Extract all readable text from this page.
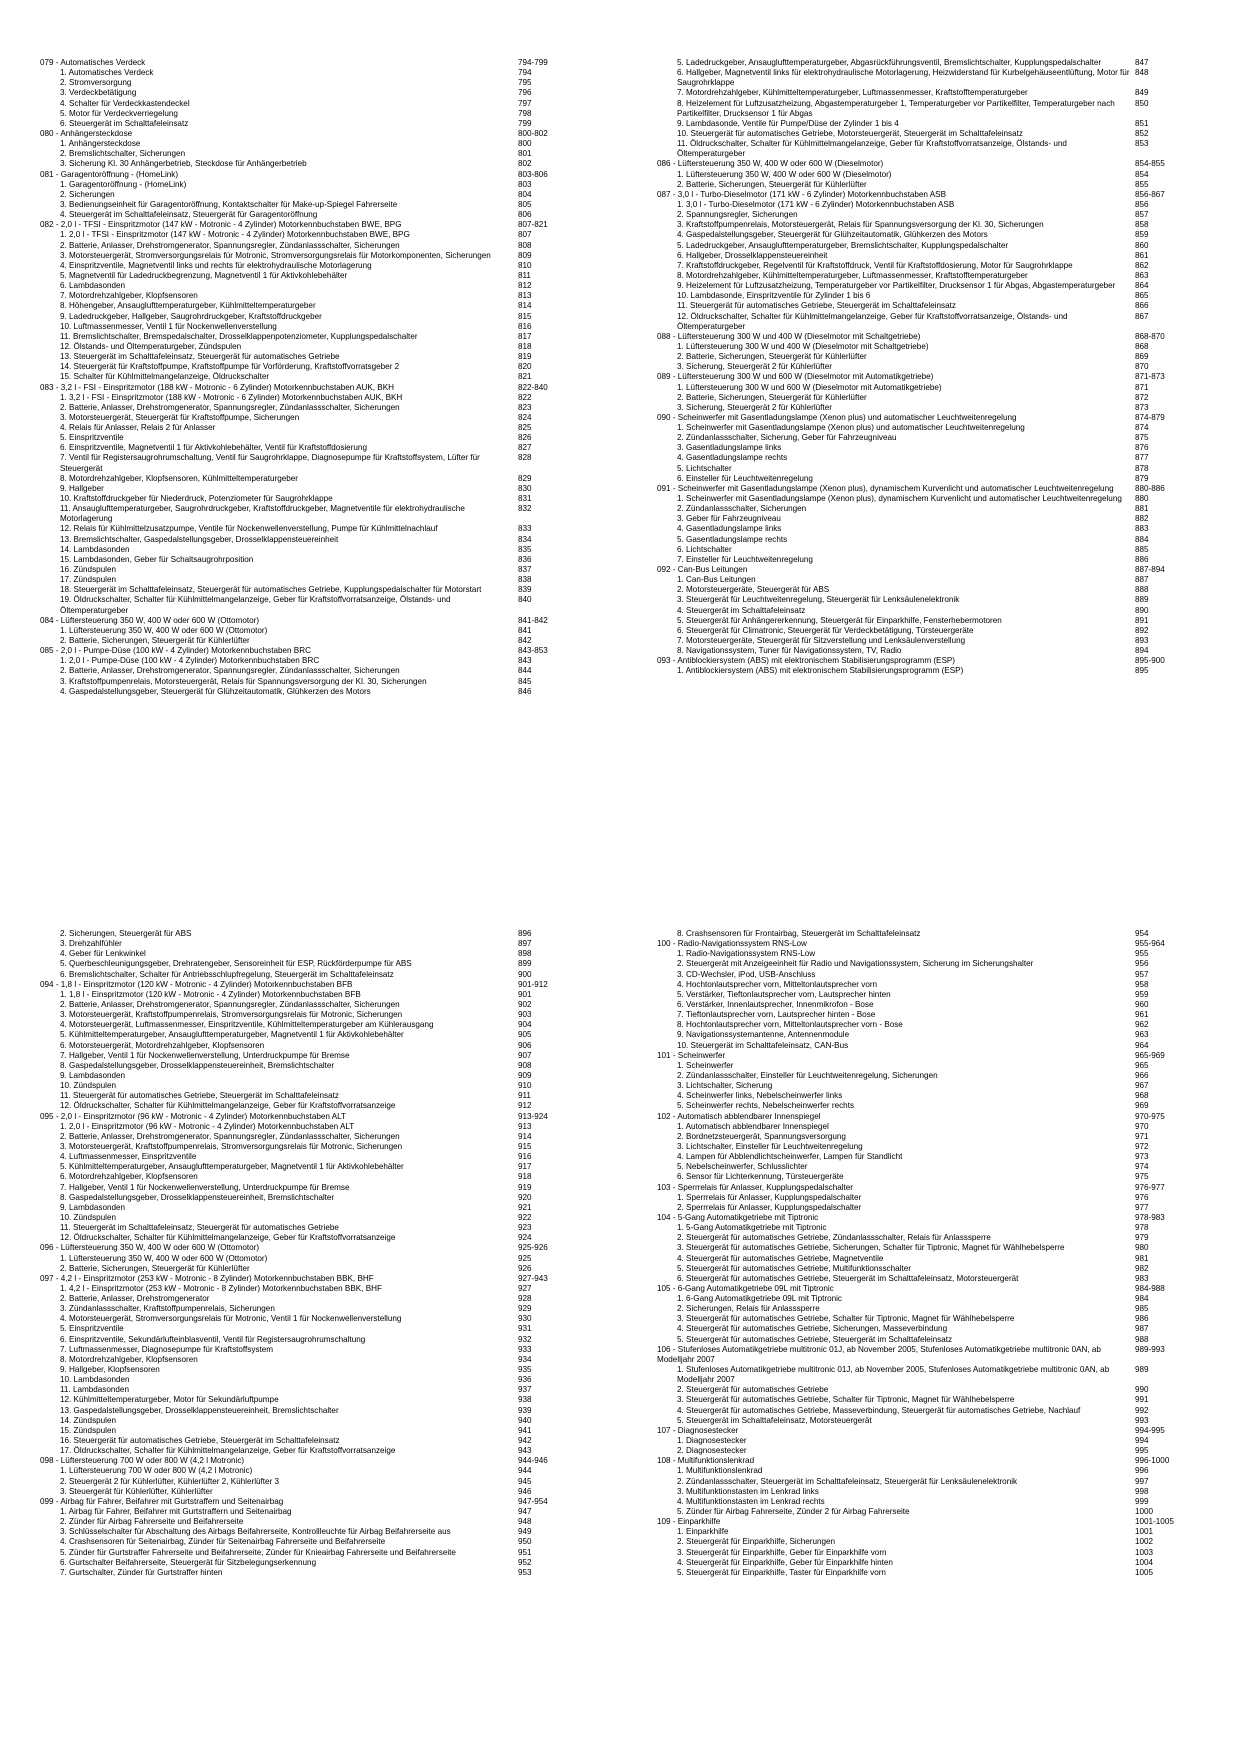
079 - Automatisches Verdeck	794-799
1. Automatisches Verdeck	794
2. Stromversorgung	795
3. Verdeckbetätigung	796
4. Schalter für Verdeckkastendeckel	797
5. Motor für Verdeckverriegelung	798
6. Steuergerät im Schalttafeleinsatz	799
080 - Anhängersteckdose	800-802
1. Anhängersteckdose	800
2. Bremslichtschalter, Sicherungen	801
3. Sicherung Kl. 30 Anhängerbetrieb, Steckdose für Anhängerbetrieb	802
081 - Garagentoröffnung - (HomeLink)	803-806
1. Garagentoröffnung - (HomeLink)	803
2. Sicherungen	804
3. Bedienungseinheit für Garagentoröffnung, Kontaktschalter für Make-up-Spiegel Fahrerseite	805
4. Steuergerät im Schalttafeleinsatz, Steuergerät für Garagentoröffnung	806
082 - 2,0 l - TFSI - Einspritzmotor (147 kW - Motronic - 4 Zylinder) Motorkennbuchstaben BWE, BPG	807-821
1. 2,0 l - TFSI - Einspritzmotor (147 kW - Motronic - 4 Zylinder) Motorkennbuchstaben BWE, BPG	807
2. Batterie, Anlasser, Drehstromgenerator, Spannungsregler, Zündanlassschalter, Sicherungen	808
3. Motorsteuergerät, Stromversorgungsrelais für Motronic, Stromversorgungsrelais für Motorkomponenten, Sicherungen	809
4. Einspritzventile, Magnetventil links und rechts für elektrohydraulische Motorlagerung	810
5. Magnetventil für Ladedruckbegrenzung, Magnetventil 1 für Aktivkohlebehälter	811
6. Lambdasonden	812
7. Motordrehzahlgeber, Klopfsensoren	813
8. Höhengeber, Ansauglufttemperaturgeber, Kühlmitteltemperaturgeber	814
9. Ladedruckgeber, Hallgeber, Saugrohrdruckgeber, Kraftstoffdruckgeber	815
10. Luftmassenmesser, Ventil 1 für Nockenwellenverstellung	816
11. Bremslichtschalter, Bremspedalschalter, Drosselklappenpotenziometer, Kupplungspedalschalter	817
12. Ölstands- und Öltemperaturgeber, Zündspulen	818
13. Steuergerät im Schalttafeleinsatz, Steuergerät für automatisches Getriebe	819
14. Steuergerät für Kraftstoffpumpe, Kraftstoffpumpe für Vorförderung, Kraftstoffvorratsgeber 2	820
15. Schalter für Kühlmittelmangelanzeige, Öldruckschalter	821
083 - 3,2 l - FSI - Einspritzmotor (188 kW - Motronic - 6 Zylinder) Motorkennbuchstaben AUK, BKH	822-840
1. 3,2 l - FSI - Einspritzmotor (188 kW - Motronic - 6 Zylinder) Motorkennbuchstaben AUK, BKH	822
2. Batterie, Anlasser, Drehstromgenerator, Spannungsregler, Zündanlassschalter, Sicherungen	823
3. Motorsteuergerät, Steuergerät für Kraftstoffpumpe, Sicherungen	824
4. Relais für Anlasser, Relais 2 für Anlasser	825
5. Einspritzventile	826
6. Einspritzventile, Magnetventil 1 für Aktivkohlebehälter, Ventil für Kraftstoffdosierung	827
7. Ventil für Registersaugrohrumschaltung, Ventil für Saugrohrklappe, Diagnosepumpe für Kraftstoffsystem, Lüfter für Steuergerät
828
8. Motordrehzahlgeber, Klopfsensoren, Kühlmitteltemperaturgeber	829
9. Hallgeber	830
10. Kraftstoffdruckgeber für Niederdruck, Potenziometer für Saugrohrklappe	831
11. Ansauglufttemperaturgeber, Saugrohrdruckgeber, Kraftstoffdruckgeber, Magnetventile für elektrohydraulische Motorlagerung
832
12. Relais für Kühlmittelzusatzpumpe, Ventile für Nockenwellenverstellung, Pumpe für Kühlmittelnachlauf	833
13. Bremslichtschalter, Gaspedalstellungsgeber, Drosselklappensteuereinheit	834
14. Lambdasonden	835
15. Lambdasonden, Geber für Schaltsaugrohrposition	836
16. Zündspulen	837
17. Zündspulen	838
18. Steuergerät im Schalttafeleinsatz, Steuergerät für automatisches Getriebe, Kupplungspedalschalter für Motorstart	839
19. Öldruckschalter, Schalter für Kühlmittelmangelanzeige, Geber für Kraftstoffvorratsanzeige, Ölstands- und Öltemperaturgeber
840
084 - Lüftersteuerung 350 W, 400 W oder 600 W (Ottomotor)	841-842
1. Lüftersteuerung 350 W, 400 W oder 600 W (Ottomotor)	841
2. Batterie, Sicherungen, Steuergerät für Kühlerlüfter	842
085 - 2,0 l - Pumpe-Düse (100 kW - 4 Zylinder) Motorkennbuchstaben BRC	843-853
1. 2,0 l - Pumpe-Düse (100 kW - 4 Zylinder) Motorkennbuchstaben BRC	843
2. Batterie, Anlasser, Drehstromgenerator, Spannungsregler, Zündanlassschalter, Sicherungen	844
3. Kraftstoffpumpenrelais, Motorsteuergerät, Relais für Spannungsversorgung der Kl. 30, Sicherungen	845
4. Gaspedalstellungsgeber, Steuergerät für Glühzeitautomatik, Glühkerzen des Motors	846
5. Ladedruckgeber, Ansauglufttemperaturgeber, Abgasrückführungsventil, Bremslichtschalter, Kupplungspedalschalter	847
6. Hallgeber, Magnetventil links für elektrohydraulische Motorlagerung, Heizwiderstand für Kurbelgehäuseentlüftung, Motor für Saugrohrklappe
848
7. Motordrehzahlgeber, Kühlmitteltemperaturgeber, Luftmassenmesser, Kraftstofftemperaturgeber	849
8. Heizelement für Luftzusatzheizung, Abgastemperaturgeber 1, Temperaturgeber vor Partikelfilter, Temperaturgeber nach Partikelfilter, Drucksensor 1 für Abgas
850
9. Lambdasonde, Ventile für Pumpe/Düse der Zylinder 1 bis 4	851
10. Steuergerät für automatisches Getriebe, Motorsteuergerät, Steuergerät im Schalttafeleinsatz	852
11. Öldruckschalter, Schalter für Kühlmittelmangelanzeige, Geber für Kraftstoffvorratsanzeige, Ölstands- und Öltemperaturgeber
853
086 - Lüftersteuerung 350 W, 400 W oder 600 W (Dieselmotor)	854-855
1. Lüftersteuerung 350 W, 400 W oder 600 W (Dieselmotor)	854
2. Batterie, Sicherungen, Steuergerät für Kühlerlüfter	855
087 - 3,0 l - Turbo-Dieselmotor (171 kW - 6 Zylinder) Motorkennbuchstaben ASB	856-867
1. 3,0 l - Turbo-Dieselmotor (171 kW - 6 Zylinder) Motorkennbuchstaben ASB	856
2. Spannungsregler, Sicherungen	857
3. Kraftstoffpumpenrelais, Motorsteuergerät, Relais für Spannungsversorgung der Kl. 30, Sicherungen	858
4. Gaspedalstellungsgeber, Steuergerät für Glühzeitautomatik, Glühkerzen des Motors	859
5. Ladedruckgeber, Ansauglufttemperaturgeber, Bremslichtschalter, Kupplungspedalschalter	860
6. Hallgeber, Drosselklappensteuereinheit	861
7. Kraftstoffdruckgeber, Regelventil für Kraftstoffdruck, Ventil für Kraftstoffdosierung, Motor für Saugrohrklappe	862
8. Motordrehzahlgeber, Kühlmitteltemperaturgeber, Luftmassenmesser, Kraftstofftemperaturgeber	863
9. Heizelement für Luftzusatzheizung, Temperaturgeber vor Partikelfilter, Drucksensor 1 für Abgas, Abgastemperaturgeber	864
10. Lambdasonde, Einspritzventile für Zylinder 1 bis 6	865
11. Steuergerät für automatisches Getriebe, Steuergerät im Schalttafeleinsatz	866
12. Öldruckschalter, Schalter für Kühlmittelmangelanzeige, Geber für Kraftstoffvorratsanzeige, Ölstands- und Öltemperaturgeber
867
088 - Lüftersteuerung 300 W und 400 W (Dieselmotor mit Schaltgetriebe)	868-870
1. Lüftersteuerung 300 W und 400 W (Dieselmotor mit Schaltgetriebe)	868
2. Batterie, Sicherungen, Steuergerät für Kühlerlüfter	869
3. Sicherung, Steuergerät 2 für Kühlerlüfter	870
089 - Lüftersteuerung 300 W und 600 W (Dieselmotor mit Automatikgetriebe)	871-873
1. Lüftersteuerung 300 W und 600 W (Dieselmotor mit Automatikgetriebe)	871
2. Batterie, Sicherungen, Steuergerät für Kühlerlüfter	872
3. Sicherung, Steuergerät 2 für Kühlerlüfter	873
090 - Scheinwerfer mit Gasentladungslampe (Xenon plus) und automatischer Leuchtweitenregelung	874-879
1. Scheinwerfer mit Gasentladungslampe (Xenon plus) und automatischer Leuchtweitenregelung	874
2. Zündanlassschalter, Sicherung, Geber für Fahrzeugniveau	875
3. Gasentladungslampe links	876
4. Gasentladungslampe rechts	877
5. Lichtschalter	878
6. Einsteller für Leuchtweitenregelung	879
091 - Scheinwerfer mit Gasentladungslampe (Xenon plus), dynamischem Kurvenlicht und automatischer Leuchtweitenregelung	880-886
1. Scheinwerfer mit Gasentladungslampe (Xenon plus), dynamischem Kurvenlicht und automatischer Leuchtweitenregelung	880
2. Zündanlassschalter, Sicherungen	881
3. Geber für Fahrzeugniveau	882
4. Gasentladungslampe links	883
5. Gasentladungslampe rechts	884
6. Lichtschalter	885
7. Einsteller für Leuchtweitenregelung	886
092 - Can-Bus Leitungen	887-894
1. Can-Bus Leitungen	887
2. Motorsteuergeräte, Steuergerät für ABS	888
3. Steuergerät für Leuchtweitenregelung, Steuergerät für Lenksäulenelektronik	889
4. Steuergerät im Schalttafeleinsatz	890
5. Steuergerät für Anhängererkennung, Steuergerät für Einparkhilfe, Fensterhebermotoren	891
6. Steuergerät für Climatronic, Steuergerät für Verdeckbetätigung, Türsteuergeräte	892
7. Motorsteuergeräte, Steuergerät für Sitzverstellung und Lenksäulenverstellung	893
8. Navigationssystem, Tuner für Navigationssystem, TV, Radio	894
093 - Antiblockiersystem (ABS) mit elektronischem Stabilisierungsprogramm (ESP)	895-900
1. Antiblockiersystem (ABS) mit elektronischem Stabilisierungsprogramm (ESP)	895
2. Sicherungen, Steuergerät für ABS	896
3. Drehzahlfühler	897
4. Geber für Lenkwinkel	898
5. Querbeschleunigungsgeber, Drehratengeber, Sensoreinheit für ESP, Rückförderpumpe für ABS	899
6. Bremslichtschalter, Schalter für Antriebsschlupfregelung, Steuergerät im Schalttafeleinsatz	900
094 - 1,8 l - Einspritzmotor (120 kW - Motronic - 4 Zylinder) Motorkennbuchstaben BFB	901-912
1. 1,8 l - Einspritzmotor (120 kW - Motronic - 4 Zylinder) Motorkennbuchstaben BFB	901
2. Batterie, Anlasser, Drehstromgenerator, Spannungsregler, Zündanlassschalter, Sicherungen	902
3. Motorsteuergerät, Kraftstoffpumpenrelais, Stromversorgungsrelais für Motronic, Sicherungen	903
4. Motorsteuergerät, Luftmassenmesser, Einspritzventile, Kühlmitteltemperaturgeber am Kühlerausgang	904
5. Kühlmitteltemperaturgeber, Ansauglufttemperaturgeber, Magnetventil 1 für Aktivkohlebehälter	905
6. Motorsteuergerät, Motordrehzahlgeber, Klopfsensoren	906
7. Hallgeber, Ventil 1 für Nockenwellenverstellung, Unterdruckpumpe für Bremse	907
8. Gaspedalstellungsgeber, Drosselklappensteuereinheit, Bremslichtschalter	908
9. Lambdasonden	909
10. Zündspulen	910
11. Steuergerät für automatisches Getriebe, Steuergerät im Schalttafeleinsatz	911
12. Öldruckschalter, Schalter für Kühlmittelmangelanzeige, Geber für Kraftstoffvorratsanzeige	912
095 - 2,0 l - Einspritzmotor (96 kW - Motronic - 4 Zylinder) Motorkennbuchstaben ALT	913-924
1. 2,0 l - Einspritzmotor (96 kW - Motronic - 4 Zylinder) Motorkennbuchstaben ALT	913
2. Batterie, Anlasser, Drehstromgenerator, Spannungsregler, Zündanlassschalter, Sicherungen	914
3. Motorsteuergerät, Kraftstoffpumpenrelais, Stromversorgungsrelais für Motronic, Sicherungen	915
4. Luftmassenmesser, Einspritzventile	916
5. Kühlmitteltemperaturgeber, Ansauglufttemperaturgeber, Magnetventil 1 für Aktivkohlebehälter	917
6. Motordrehzahlgeber, Klopfsensoren	918
7. Hallgeber, Ventil 1 für Nockenwellenverstellung, Unterdruckpumpe für Bremse	919
8. Gaspedalstellungsgeber, Drosselklappensteuereinheit, Bremslichtschalter	920
9. Lambdasonden	921
10. Zündspulen	922
11. Steuergerät im Schalttafeleinsatz, Steuergerät für automatisches Getriebe	923
12. Öldruckschalter, Schalter für Kühlmittelmangelanzeige, Geber für Kraftstoffvorratsanzeige	924
096 - Lüftersteuerung 350 W, 400 W oder 600 W (Ottomotor)	925-926
1. Lüftersteuerung 350 W, 400 W oder 600 W (Ottomotor)	925
2. Batterie, Sicherungen, Steuergerät für Kühlerlüfter	926
097 - 4,2 l - Einspritzmotor (253 kW - Motronic - 8 Zylinder) Motorkennbuchstaben BBK, BHF	927-943
1. 4,2 l - Einspritzmotor (253 kW - Motronic - 8 Zylinder) Motorkennbuchstaben BBK, BHF	927
2. Batterie, Anlasser, Drehstromgenerator	928
3. Zündanlassschalter, Kraftstoffpumpenrelais, Sicherungen	929
4. Motorsteuergerät, Stromversorgungsrelais für Motronic, Ventil 1 für Nockenwellenverstellung	930
5. Einspritzventile	931
6. Einspritzventile, Sekundärlufteinblasventil, Ventil für Registersaugrohrumschaltung	932
7. Luftmassenmesser, Diagnosepumpe für Kraftstoffsystem	933
8. Motordrehzahlgeber, Klopfsensoren	934
9. Hallgeber, Klopfsensoren	935
10. Lambdasonden	936
11. Lambdasonden	937
12. Kühlmitteltemperaturgeber, Motor für Sekundärluftpumpe	938
13. Gaspedalstellungsgeber, Drosselklappensteuereinheit, Bremslichtschalter	939
14. Zündspulen	940
15. Zündspulen	941
16. Steuergerät für automatisches Getriebe, Steuergerät im Schalttafeleinsatz	942
17. Öldruckschalter, Schalter für Kühlmittelmangelanzeige, Geber für Kraftstoffvorratsanzeige	943
098 - Lüftersteuerung 700 W oder 800 W (4,2 l Motronic)	944-946
1. Lüftersteuerung 700 W oder 800 W (4,2 l Motronic)	944
2. Steuergerät 2 für Kühlerlüfter, Kühlerlüfter 2, Kühlerlüfter 3	945
3. Steuergerät für Kühlerlüfter, Kühlerlüfter	946
099 - Airbag für Fahrer, Beifahrer mit Gurtstraffern und Seitenairbag	947-954
1. Airbag für Fahrer, Beifahrer mit Gurtstraffern und Seitenairbag	947
2. Zünder für Airbag Fahrerseite und Beifahrerseite	948
3. Schlüsselschalter für Abschaltung des Airbags Beifahrerseite, Kontrollleuchte für Airbag Beifahrerseite aus	949
4. Crashsensoren für Seitenairbag, Zünder für Seitenairbag Fahrerseite und Beifahrerseite	950
5. Zünder für Gurtstraffer Fahrerseite und Beifahrerseite, Zünder für Knieairbag Fahrerseite und Beifahrerseite	951
6. Gurtschalter Beifahrerseite, Steuergerät für Sitzbelegungserkennung	952
7. Gurtschalter, Zünder für Gurtstraffer hinten	953
8. Crashsensoren für Frontairbag, Steuergerät im Schalttafeleinsatz	954
100 - Radio-Navigationssystem RNS-Low	955-964
1. Radio-Navigationssystem RNS-Low	955
2. Steuergerät mit Anzeigeeinheit für Radio und Navigationssystem, Sicherung im Sicherungshalter	956
3. CD-Wechsler, iPod, USB-Anschluss	957
4. Hochtonlautsprecher vorn, Mitteltonlautsprecher vorn	958
5. Verstärker, Tieftonlautsprecher vorn, Lautsprecher hinten	959
6. Verstärker, Innenlautsprecher, Innenmikrofon - Bose	960
7. Tieftonlautsprecher vorn, Lautsprecher hinten - Bose	961
8. Hochtonlautsprecher vorn, Mitteltonlautsprecher vorn - Bose	962
9. Navigationssystemantenne, Antennenmodule	963
10. Steuergerät im Schalttafeleinsatz, CAN-Bus	964
101 - Scheinwerfer	965-969
1. Scheinwerfer	965
2. Zündanlassschalter, Einsteller für Leuchtweitenregelung, Sicherungen	966
3. Lichtschalter, Sicherung	967
4. Scheinwerfer links, Nebelscheinwerfer links	968
5. Scheinwerfer rechts, Nebelscheinwerfer rechts	969
102 - Automatisch abblendbarer Innenspiegel	970-975
1. Automatisch abblendbarer Innenspiegel	970
2. Bordnetzsteuergerät, Spannungsversorgung	971
3. Lichtschalter, Einsteller für Leuchtweitenregelung	972
4. Lampen für Abblendlichtscheinwerfer, Lampen für Standlicht	973
5. Nebelscheinwerfer, Schlusslichter	974
6. Sensor für Lichterkennung, Türsteuergeräte	975
103 - Sperrrelais für Anlasser, Kupplungspedalschalter	976-977
1. Sperrrelais für Anlasser, Kupplungspedalschalter	976
2. Sperrrelais für Anlasser, Kupplungspedalschalter	977
104 - 5-Gang Automatikgetriebe mit Tiptronic	978-983
1. 5-Gang Automatikgetriebe mit Tiptronic	978
2. Steuergerät für automatisches Getriebe, Zündanlassschalter, Relais für Anlasssperre	979
3. Steuergerät für automatisches Getriebe, Sicherungen, Schalter für Tiptronic, Magnet für Wählhebelsperre	980
4. Steuergerät für automatisches Getriebe, Magnetventile	981
5. Steuergerät für automatisches Getriebe, Multifunktionsschalter	982
6. Steuergerät für automatisches Getriebe, Steuergerät im Schalttafeleinsatz, Motorsteuergerät	983
105 - 6-Gang Automatikgetriebe 09L mit Tiptronic	984-988
1. 6-Gang Automatikgetriebe 09L mit Tiptronic	984
2. Sicherungen, Relais für Anlasssperre	985
3. Steuergerät für automatisches Getriebe, Schalter für Tiptronic, Magnet für Wählhebelsperre	986
4. Steuergerät für automatisches Getriebe, Sicherungen, Masseverbindung	987
5. Steuergerät für automatisches Getriebe, Steuergerät im Schalttafeleinsatz	988
106 - Stufenloses Automatikgetriebe multitronic 01J, ab November 2005, Stufenloses Automatikgetriebe multitronic 0AN, ab Modelljahr 2007
989-993
1. Stufenloses Automatikgetriebe multitronic 01J, ab November 2005, Stufenloses Automatikgetriebe multitronic 0AN, ab Modelljahr 2007
989
2. Steuergerät für automatisches Getriebe	990
3. Steuergerät für automatisches Getriebe, Schalter für Tiptronic, Magnet für Wählhebelsperre	991
4. Steuergerät für automatisches Getriebe, Masseverbindung, Steuergerät für automatisches Getriebe, Nachlauf	992
5. Steuergerät im Schalttafeleinsatz, Motorsteuergerät	993
107 - Diagnosestecker	994-995
1. Diagnosestecker	994
2. Diagnosestecker	995
108 - Multifunktionslenkrad	996-1000
1. Multifunktionslenkrad	996
2. Zündanlassschalter, Steuergerät im Schalttafeleinsatz, Steuergerät für Lenksäulenelektronik	997
3. Multifunktionstasten im Lenkrad links	998
4. Multifunktionstasten im Lenkrad rechts	999
5. Zünder für Airbag Fahrerseite, Zünder 2 für Airbag Fahrerseite	1000
109 - Einparkhilfe	1001-1005
1. Einparkhilfe	1001
2. Steuergerät für Einparkhilfe, Sicherungen	1002
3. Steuergerät für Einparkhilfe, Geber für Einparkhilfe vorn	1003
4. Steuergerät für Einparkhilfe, Geber für Einparkhilfe hinten	1004
5. Steuergerät für Einparkhilfe, Taster für Einparkhilfe vorn	1005
